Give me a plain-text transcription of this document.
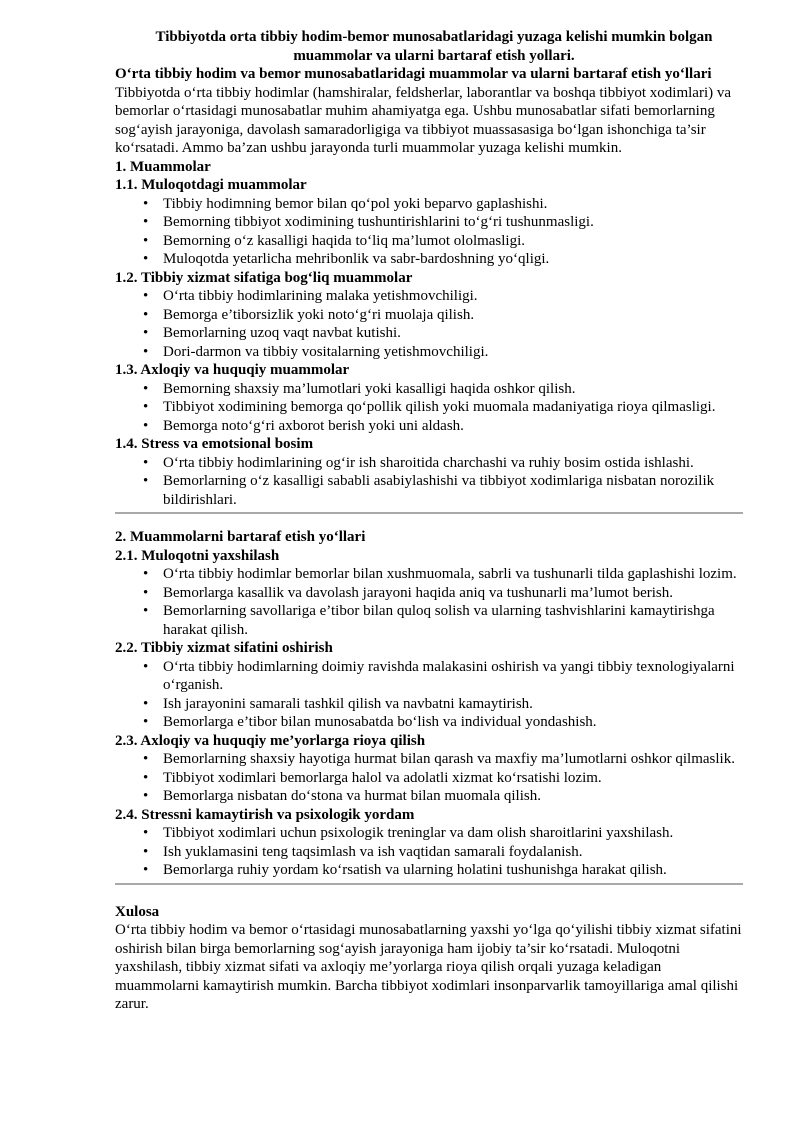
Tibbiyotda orta tibbiy hodim-bemor munosabatlaridagi yuzaga kelishi mumkin bolgan muammolar va ularni bartaraf etish yollari.

O‘rta tibbiy hodim va bemor munosabatlaridagi muammolar va ularni bartaraf etish yo‘llari

Tibbiyotda o‘rta tibbiy hodimlar (hamshiralar, feldsherlar, laborantlar va boshqa tibbiyot xodimlari) va bemorlar o‘rtasidagi munosabatlar muhim ahamiyatga ega. Ushbu munosabatlar sifati bemorlarning sog‘ayish jarayoniga, davolash samaradorligiga va tibbiyot muassasasiga bo‘lgan ishonchiga ta’sir ko‘rsatadi. Ammo ba’zan ushbu jarayonda turli muammolar yuzaga kelishi mumkin.

1. Muammolar

1.1. Muloqotdagi muammolar

• Tibbiy hodimning bemor bilan qo‘pol yoki beparvo gaplashishi.
• Bemorning tibbiyot xodimining tushuntirishlarini to‘g‘ri tushunmasligi.
• Bemorning o‘z kasalligi haqida to‘liq ma’lumot ololmasligi.
• Muloqotda yetarlicha mehribonlik va sabr-bardoshning yo‘qligi.

1.2. Tibbiy xizmat sifatiga bog‘liq muammolar

• O‘rta tibbiy hodimlarining malaka yetishmovchiligi.
• Bemorga e’tiborsizlik yoki noto‘g‘ri muolaja qilish.
• Bemorlarning uzoq vaqt navbat kutishi.
• Dori-darmon va tibbiy vositalarning yetishmovchiligi.

1.3. Axloqiy va huquqiy muammolar

• Bemorning shaxsiy ma’lumotlari yoki kasalligi haqida oshkor qilish.
• Tibbiyot xodimining bemorga qo‘pollik qilish yoki muomala madaniyatiga rioya qilmasligi.
• Bemorga noto‘g‘ri axborot berish yoki uni aldash.

1.4. Stress va emotsional bosim

• O‘rta tibbiy hodimlarining og‘ir ish sharoitida charchashi va ruhiy bosim ostida ishlashi.
• Bemorlarning o‘z kasalligi sababli asabiylashishi va tibbiyot xodimlariga nisbatan norozilik bildirishlari.

2. Muammolarni bartaraf etish yo‘llari

2.1. Muloqotni yaxshilash

• O‘rta tibbiy hodimlar bemorlar bilan xushmuomala, sabrli va tushunarli tilda gaplashishi lozim.
• Bemorlarga kasallik va davolash jarayoni haqida aniq va tushunarli ma’lumot berish.
• Bemorlarning savollariga e’tibor bilan quloq solish va ularning tashvishlarini kamaytirishga harakat qilish.

2.2. Tibbiy xizmat sifatini oshirish

• O‘rta tibbiy hodimlarning doimiy ravishda malakasini oshirish va yangi tibbiy texnologiyalarni o‘rganish.
• Ish jarayonini samarali tashkil qilish va navbatni kamaytirish.
• Bemorlarga e’tibor bilan munosabatda bo‘lish va individual yondashish.

2.3. Axloqiy va huquqiy me’yorlarga rioya qilish

• Bemorlarning shaxsiy hayotiga hurmat bilan qarash va maxfiy ma’lumotlarni oshkor qilmaslik.
• Tibbiyot xodimlari bemorlarga halol va adolatli xizmat ko‘rsatishi lozim.
• Bemorlarga nisbatan do‘stona va hurmat bilan muomala qilish.

2.4. Stressni kamaytirish va psixologik yordam

• Tibbiyot xodimlari uchun psixologik treninglar va dam olish sharoitlarini yaxshilash.
• Ish yuklamasini teng taqsimlash va ish vaqtidan samarali foydalanish.
• Bemorlarga ruhiy yordam ko‘rsatish va ularning holatini tushunishga harakat qilish.

Xulosa

O‘rta tibbiy hodim va bemor o‘rtasidagi munosabatlarning yaxshi yo‘lga qo‘yilishi tibbiy xizmat sifatini oshirish bilan birga bemorlarning sog‘ayish jarayoniga ham ijobiy ta’sir ko‘rsatadi. Muloqotni yaxshilash, tibbiy xizmat sifati va axloqiy me’yorlarga rioya qilish orqali yuzaga keladigan muammolarni kamaytirish mumkin. Barcha tibbiyot xodimlari insonparvarlik tamoyillariga amal qilishi zarur.
